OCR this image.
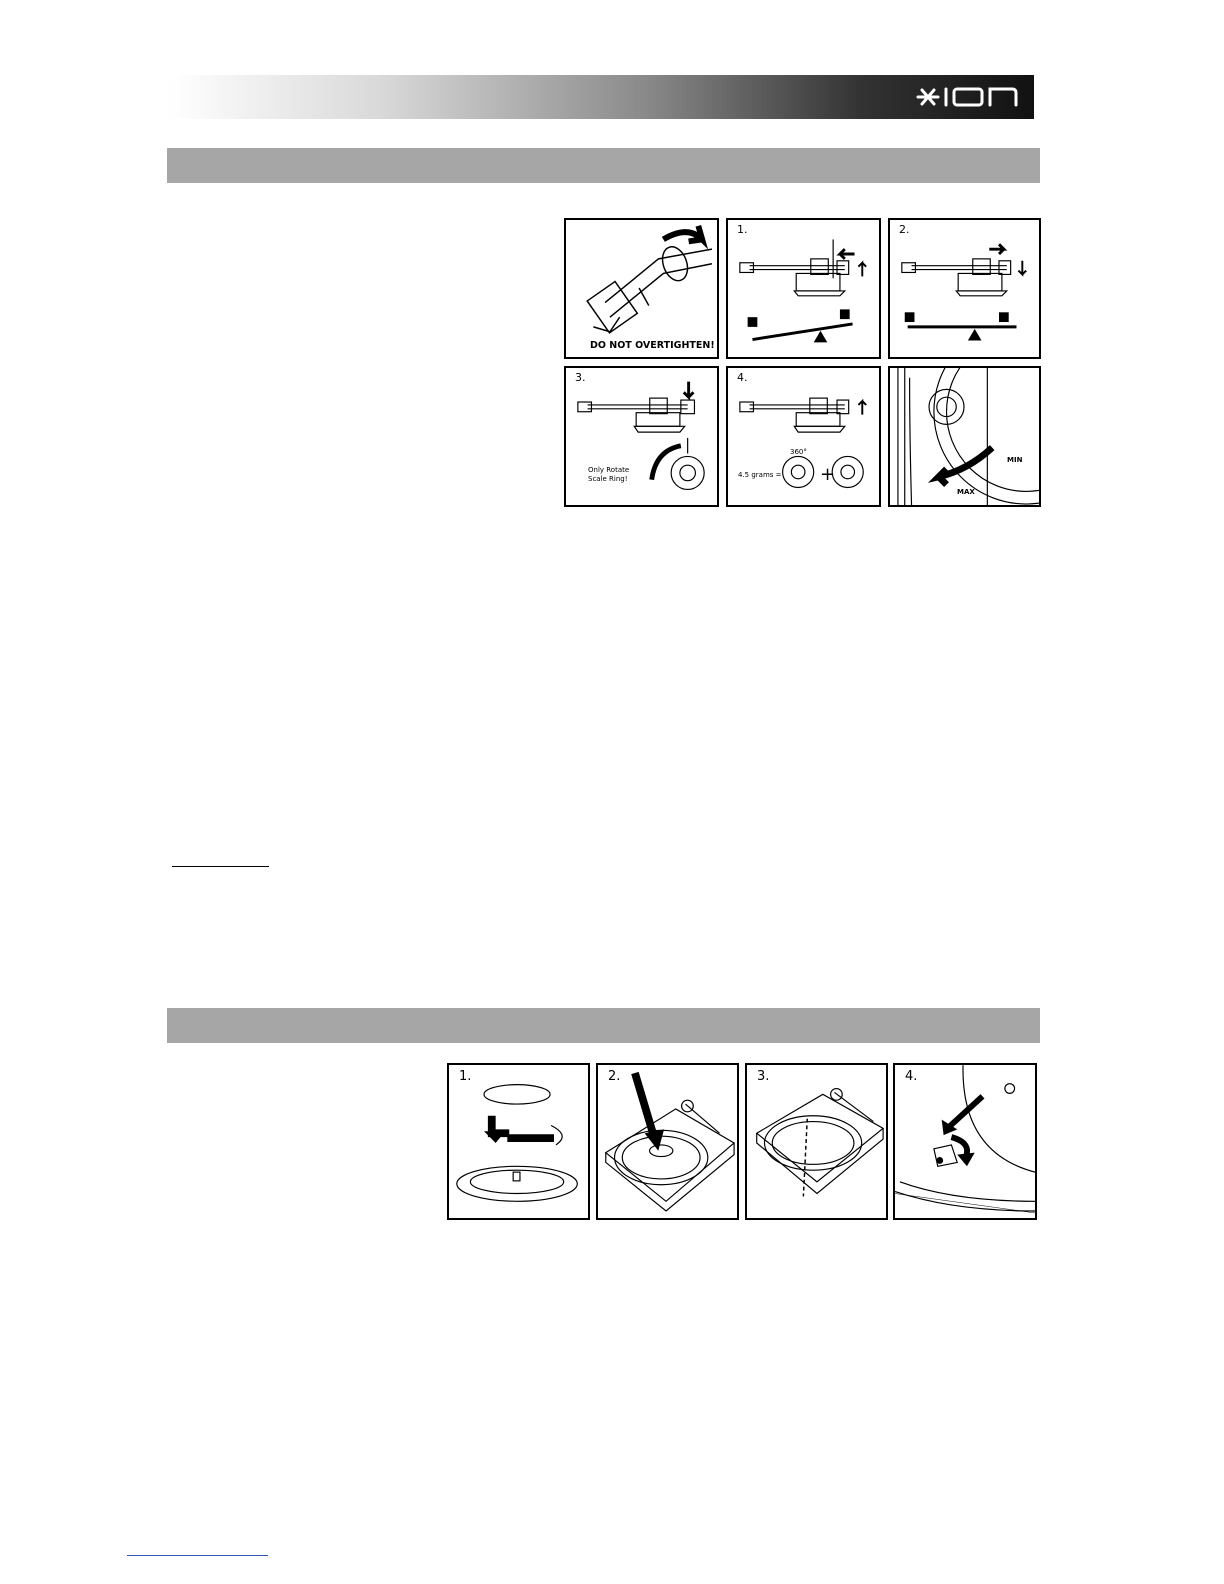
DO NOT OVERTIGHTEN!
1.	2.
3.
Only Rotate
Scale Ring!
4.
360°
4.5 grams = +
MIN
MAX
1.	2.	3.	4.
